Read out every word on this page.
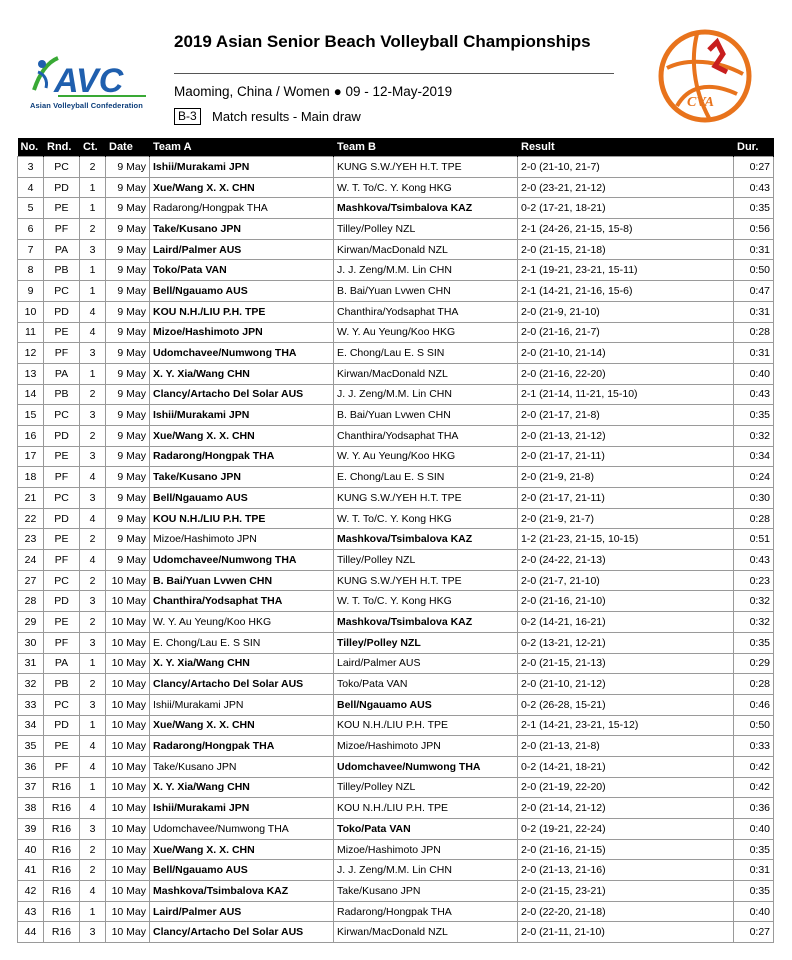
AVC
Asian Volleyball Confederation
2019 Asian Senior Beach Volleyball Championships
Maoming, China / Women ● 09 - 12-May-2019
B-3	Match results - Main draw
CVA
No.	Rnd.	Ct.	Date	Team A	Team B	Result	Dur.
3	PC	2	9 May	Ishii/Murakami JPN	KUNG S.W./YEH H.T. TPE	2-0 (21-10, 21-7)	0:27
4	PD	1	9 May	Xue/Wang X. X. CHN	W. T. To/C. Y. Kong HKG	2-0 (23-21, 21-12)	0:43
5	PE	1	9 May	Radarong/Hongpak THA	Mashkova/Tsimbalova KAZ	0-2 (17-21, 18-21)	0:35
6	PF	2	9 May	Take/Kusano JPN	Tilley/Polley NZL	2-1 (24-26, 21-15, 15-8)	0:56
7	PA	3	9 May	Laird/Palmer AUS	Kirwan/MacDonald NZL	2-0 (21-15, 21-18)	0:31
8	PB	1	9 May	Toko/Pata VAN	J. J. Zeng/M.M. Lin CHN	2-1 (19-21, 23-21, 15-11)	0:50
9	PC	1	9 May	Bell/Ngauamo AUS	B. Bai/Yuan Lvwen CHN	2-1 (14-21, 21-16, 15-6)	0:47
10	PD	4	9 May	KOU N.H./LIU P.H. TPE	Chanthira/Yodsaphat THA	2-0 (21-9, 21-10)	0:31
11	PE	4	9 May	Mizoe/Hashimoto JPN	W. Y. Au Yeung/Koo HKG	2-0 (21-16, 21-7)	0:28
12	PF	3	9 May	Udomchavee/Numwong THA	E. Chong/Lau E. S SIN	2-0 (21-10, 21-14)	0:31
13	PA	1	9 May	X. Y. Xia/Wang CHN	Kirwan/MacDonald NZL	2-0 (21-16, 22-20)	0:40
14	PB	2	9 May	Clancy/Artacho Del Solar AUS	J. J. Zeng/M.M. Lin CHN	2-1 (21-14, 11-21, 15-10)	0:43
15	PC	3	9 May	Ishii/Murakami JPN	B. Bai/Yuan Lvwen CHN	2-0 (21-17, 21-8)	0:35
16	PD	2	9 May	Xue/Wang X. X. CHN	Chanthira/Yodsaphat THA	2-0 (21-13, 21-12)	0:32
17	PE	3	9 May	Radarong/Hongpak THA	W. Y. Au Yeung/Koo HKG	2-0 (21-17, 21-11)	0:34
18	PF	4	9 May	Take/Kusano JPN	E. Chong/Lau E. S SIN	2-0 (21-9, 21-8)	0:24
21	PC	3	9 May	Bell/Ngauamo AUS	KUNG S.W./YEH H.T. TPE	2-0 (21-17, 21-11)	0:30
22	PD	4	9 May	KOU N.H./LIU P.H. TPE	W. T. To/C. Y. Kong HKG	2-0 (21-9, 21-7)	0:28
23	PE	2	9 May	Mizoe/Hashimoto JPN	Mashkova/Tsimbalova KAZ	1-2 (21-23, 21-15, 10-15)	0:51
24	PF	4	9 May	Udomchavee/Numwong THA	Tilley/Polley NZL	2-0 (24-22, 21-13)	0:43
27	PC	2	10 May	B. Bai/Yuan Lvwen CHN	KUNG S.W./YEH H.T. TPE	2-0 (21-7, 21-10)	0:23
28	PD	3	10 May	Chanthira/Yodsaphat THA	W. T. To/C. Y. Kong HKG	2-0 (21-16, 21-10)	0:32
29	PE	2	10 May	W. Y. Au Yeung/Koo HKG	Mashkova/Tsimbalova KAZ	0-2 (14-21, 16-21)	0:32
30	PF	3	10 May	E. Chong/Lau E. S SIN	Tilley/Polley NZL	0-2 (13-21, 12-21)	0:35
31	PA	1	10 May	X. Y. Xia/Wang CHN	Laird/Palmer AUS	2-0 (21-15, 21-13)	0:29
32	PB	2	10 May	Clancy/Artacho Del Solar AUS	Toko/Pata VAN	2-0 (21-10, 21-12)	0:28
33	PC	3	10 May	Ishii/Murakami JPN	Bell/Ngauamo AUS	0-2 (26-28, 15-21)	0:46
34	PD	1	10 May	Xue/Wang X. X. CHN	KOU N.H./LIU P.H. TPE	2-1 (14-21, 23-21, 15-12)	0:50
35	PE	4	10 May	Radarong/Hongpak THA	Mizoe/Hashimoto JPN	2-0 (21-13, 21-8)	0:33
36	PF	4	10 May	Take/Kusano JPN	Udomchavee/Numwong THA	0-2 (14-21, 18-21)	0:42
37	R16	1	10 May	X. Y. Xia/Wang CHN	Tilley/Polley NZL	2-0 (21-19, 22-20)	0:42
38	R16	4	10 May	Ishii/Murakami JPN	KOU N.H./LIU P.H. TPE	2-0 (21-14, 21-12)	0:36
39	R16	3	10 May	Udomchavee/Numwong THA	Toko/Pata VAN	0-2 (19-21, 22-24)	0:40
40	R16	2	10 May	Xue/Wang X. X. CHN	Mizoe/Hashimoto JPN	2-0 (21-16, 21-15)	0:35
41	R16	2	10 May	Bell/Ngauamo AUS	J. J. Zeng/M.M. Lin CHN	2-0 (21-13, 21-16)	0:31
42	R16	4	10 May	Mashkova/Tsimbalova KAZ	Take/Kusano JPN	2-0 (21-15, 23-21)	0:35
43	R16	1	10 May	Laird/Palmer AUS	Radarong/Hongpak THA	2-0 (22-20, 21-18)	0:40
44	R16	3	10 May	Clancy/Artacho Del Solar AUS	Kirwan/MacDonald NZL	2-0 (21-11, 21-10)	0:27
